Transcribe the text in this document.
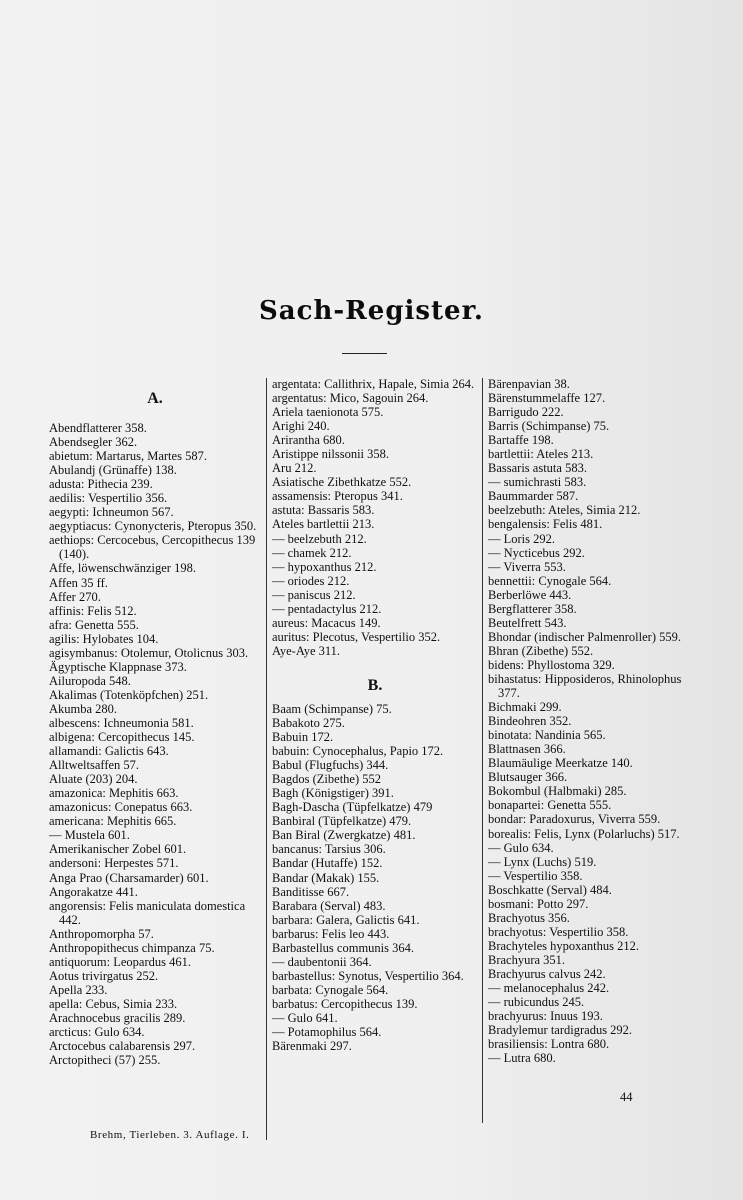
Sach-Register.
A.
Abendflatterer 358.
Abendsegler 362.
abietum: Martarus, Martes 587.
Abulandj (Grünaffe) 138.
adusta: Pithecia 239.
aedilis: Vespertilio 356.
aegypti: Ichneumon 567.
aegyptiacus: Cynonycteris, Pteropus 350.
aethiops: Cercocebus, Cercopithecus 139 (140).
Affe, löwenschwänziger 198.
Affen 35 ff.
Affer 270.
affinis: Felis 512.
afra: Genetta 555.
agilis: Hylobates 104.
agisymbanus: Otolemur, Otolicnus 303.
Ägyptische Klappnase 373.
Ailuropoda 548.
Akalimas (Totenköpfchen) 251.
Akumba 280.
albescens: Ichneumonia 581.
albigena: Cercopithecus 145.
allamandi: Galictis 643.
Alltweltsaffen 57.
Aluate (203) 204.
amazonica: Mephitis 663.
amazonicus: Conepatus 663.
americana: Mephitis 665.
— Mustela 601.
Amerikanischer Zobel 601.
andersoni: Herpestes 571.
Anga Prao (Charsamarder) 601.
Angorakatze 441.
angorensis: Felis maniculata domestica 442.
Anthropomorpha 57.
Anthropopithecus chimpanza 75.
antiquorum: Leopardus 461.
Aotus trivirgatus 252.
Apella 233.
apella: Cebus, Simia 233.
Arachnocebus gracilis 289.
arcticus: Gulo 634.
Arctocebus calabarensis 297.
Arctopitheci (57) 255.
argentata: Callithrix, Hapale, Simia 264.
argentatus: Mico, Sagouin 264.
Ariela taenionota 575.
Arighi 240.
Arirantha 680.
Aristippe nilssonii 358.
Aru 212.
Asiatische Zibethkatze 552.
assamensis: Pteropus 341.
astuta: Bassaris 583.
Ateles bartlettii 213.
— beelzebuth 212.
— chamek 212.
— hypoxanthus 212.
— oriodes 212.
— paniscus 212.
— pentadactylus 212.
aureus: Macacus 149.
auritus: Plecotus, Vespertilio 352.
Aye-Aye 311.
B.
Baam (Schimpanse) 75.
Babakoto 275.
Babuin 172.
babuin: Cynocephalus, Papio 172.
Babul (Flugfuchs) 344.
Bagdos (Zibethe) 552
Bagh (Königstiger) 391.
Bagh-Dascha (Tüpfelkatze) 479
Banbiral (Tüpfelkatze) 479.
Ban Biral (Zwergkatze) 481.
bancanus: Tarsius 306.
Bandar (Hutaffe) 152.
Bandar (Makak) 155.
Banditisse 667.
Barabara (Serval) 483.
barbara: Galera, Galictis 641.
barbarus: Felis leo 443.
Barbastellus communis 364.
— daubentonii 364.
barbastellus: Synotus, Vespertilio 364.
barbata: Cynogale 564.
barbatus: Cercopithecus 139.
— Gulo 641.
— Potamophilus 564.
Bärenmaki 297.
Bärenpavian 38.
Bärenstummelaffe 127.
Barrigudo 222.
Barris (Schimpanse) 75.
Bartaffe 198.
bartlettii: Ateles 213.
Bassaris astuta 583.
— sumichrasti 583.
Baummarder 587.
beelzebuth: Ateles, Simia 212.
bengalensis: Felis 481.
— Loris 292.
— Nycticebus 292.
— Viverra 553.
bennettii: Cynogale 564.
Berberlöwe 443.
Bergflatterer 358.
Beutelfrett 543.
Bhondar (indischer Palmenroller) 559.
Bhran (Zibethe) 552.
bidens: Phyllostoma 329.
bihastatus: Hipposideros, Rhinolophus 377.
Bichmaki 299.
Bindeohren 352.
binotata: Nandinia 565.
Blattnasen 366.
Blaumäulige Meerkatze 140.
Blutsauger 366.
Bokombul (Halbmaki) 285.
bonapartei: Genetta 555.
bondar: Paradoxurus, Viverra 559.
borealis: Felis, Lynx (Polarluchs) 517.
— Gulo 634.
— Lynx (Luchs) 519.
— Vespertilio 358.
Boschkatte (Serval) 484.
bosmani: Potto 297.
Brachyotus 356.
brachyotus: Vespertilio 358.
Brachyteles hypoxanthus 212.
Brachyura 351.
Brachyurus calvus 242.
— melanocephalus 242.
— rubicundus 245.
brachyurus: Inuus 193.
Bradylemur tardigradus 292.
brasiliensis: Lontra 680.
— Lutra 680.
44
Brehm, Tierleben. 3. Auflage. I.
